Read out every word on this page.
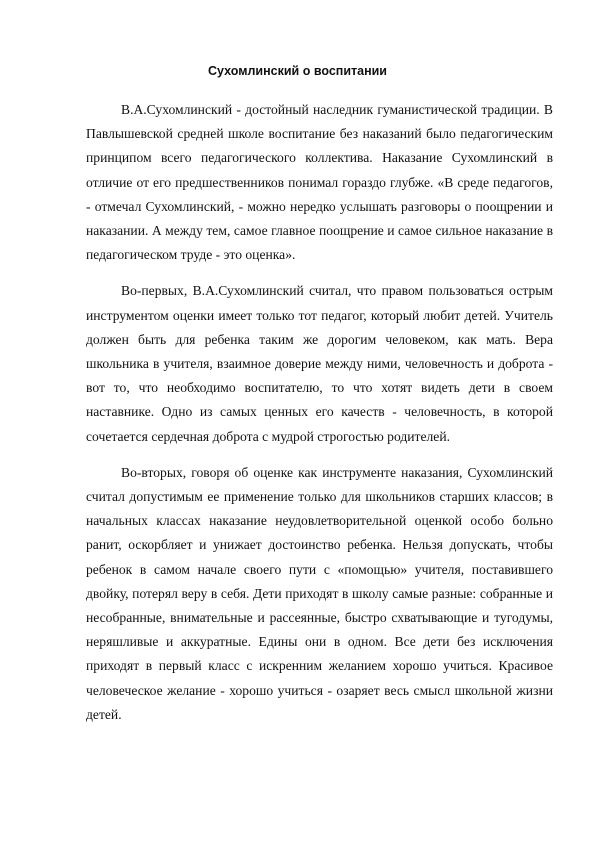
Сухомлинский о воспитании

В.А.Сухомлинский - достойный наследник гуманистической традиции. В Павлышевской средней школе воспитание без наказаний было педагогическим принципом всего педагогического коллектива. Наказание Сухомлинский в отличие от его предшественников понимал гораздо глубже. «В среде педагогов, - отмечал Сухомлинский, - можно нередко услышать разговоры о поощрении и наказании. А между тем, самое главное поощрение и самое сильное наказание в педагогическом труде - это оценка».

Во-первых, В.А.Сухомлинский считал, что правом пользоваться острым инструментом оценки имеет только тот педагог, который любит детей. Учитель должен быть для ребенка таким же дорогим человеком, как мать. Вера школьника в учителя, взаимное доверие между ними, человечность и доброта - вот то, что необходимо воспитателю, то что хотят видеть дети в своем наставнике. Одно из самых ценных его качеств - человечность, в которой сочетается сердечная доброта с мудрой строгостью родителей.

Во-вторых, говоря об оценке как инструменте наказания, Сухомлинский считал допустимым ее применение только для школьников старших классов; в начальных классах наказание неудовлетворительной оценкой особо больно ранит, оскорбляет и унижает достоинство ребенка. Нельзя допускать, чтобы ребенок в самом начале своего пути с «помощью» учителя, поставившего двойку, потерял веру в себя. Дети приходят в школу самые разные: собранные и несобранные, внимательные и рассеянные, быстро схватывающие и тугодумы, неряшливые и аккуратные. Едины они в одном. Все дети без исключения приходят в первый класс с искренним желанием хорошо учиться. Красивое человеческое желание - хорошо учиться - озаряет весь смысл школьной жизни детей.
